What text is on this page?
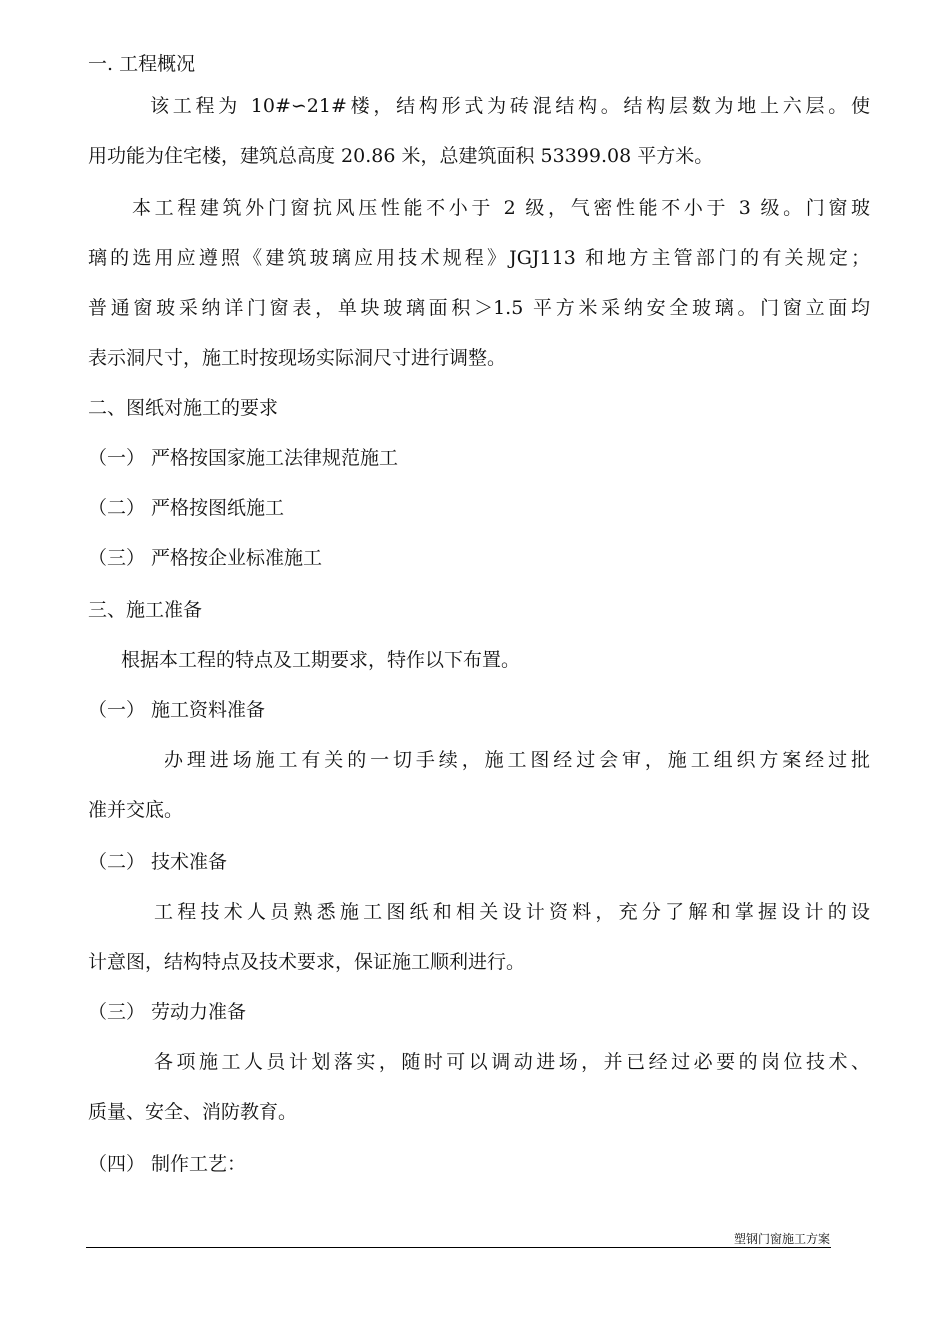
一. 工程概况
该工程为 10#∽21#楼，结构形式为砖混结构。结构层数为地上六层。使
用功能为住宅楼，建筑总高度 20.86 米，总建筑面积 53399.08 平方米。
本工程建筑外门窗抗风压性能不小于 2 级，气密性能不小于 3 级。门窗玻
璃的选用应遵照《建筑玻璃应用技术规程》JGJ113 和地方主管部门的有关规定；
普通窗玻采纳详门窗表，单块玻璃面积＞1.5 平方米采纳安全玻璃。门窗立面均
表示洞尺寸，施工时按现场实际洞尺寸进行调整。
二、图纸对施工的要求
（一） 严格按国家施工法律规范施工
（二） 严格按图纸施工
（三） 严格按企业标准施工
三、施工准备
根据本工程的特点及工期要求，特作以下布置。
（一） 施工资料准备
办理进场施工有关的一切手续，施工图经过会审，施工组织方案经过批
准并交底。
（二） 技术准备
工程技术人员熟悉施工图纸和相关设计资料，充分了解和掌握设计的设
计意图，结构特点及技术要求，保证施工顺利进行。
（三） 劳动力准备
各项施工人员计划落实，随时可以调动进场，并已经过必要的岗位技术、
质量、安全、消防教育。
（四） 制作工艺：
塑钢门窗施工方案
